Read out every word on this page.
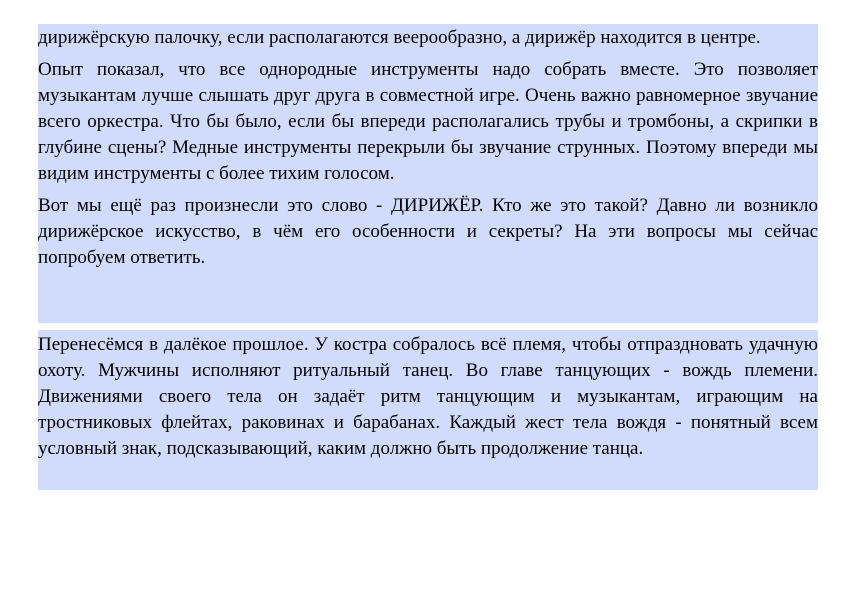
дирижёрскую палочку, если располагаются веерообразно, а дирижёр находится в центре.

Опыт показал, что все однородные инструменты надо собрать вместе. Это позволяет музыкантам лучше слышать друг друга в совместной игре. Очень важно равномерное звучание всего оркестра. Что бы было, если бы впереди располагались трубы и тромбоны, а скрипки в глубине сцены? Медные инструменты перекрыли бы звучание струнных. Поэтому впереди мы видим инструменты с более тихим голосом.

Вот мы ещё раз произнесли это слово - ДИРИЖЁР. Кто же это такой? Давно ли возникло дирижёрское искусство, в чём его особенности и секреты? На эти вопросы мы сейчас попробуем ответить.

Перенесёмся в далёкое прошлое. У костра собралось всё племя, чтобы отпраздновать удачную охоту. Мужчины исполняют ритуальный танец. Во главе танцующих - вождь племени. Движениями своего тела он задаёт ритм танцующим и музыкантам, играющим на тростниковых флейтах, раковинах и барабанах. Каждый жест тела вождя - понятный всем условный знак, подсказывающий, каким должно быть продолжение танца.
